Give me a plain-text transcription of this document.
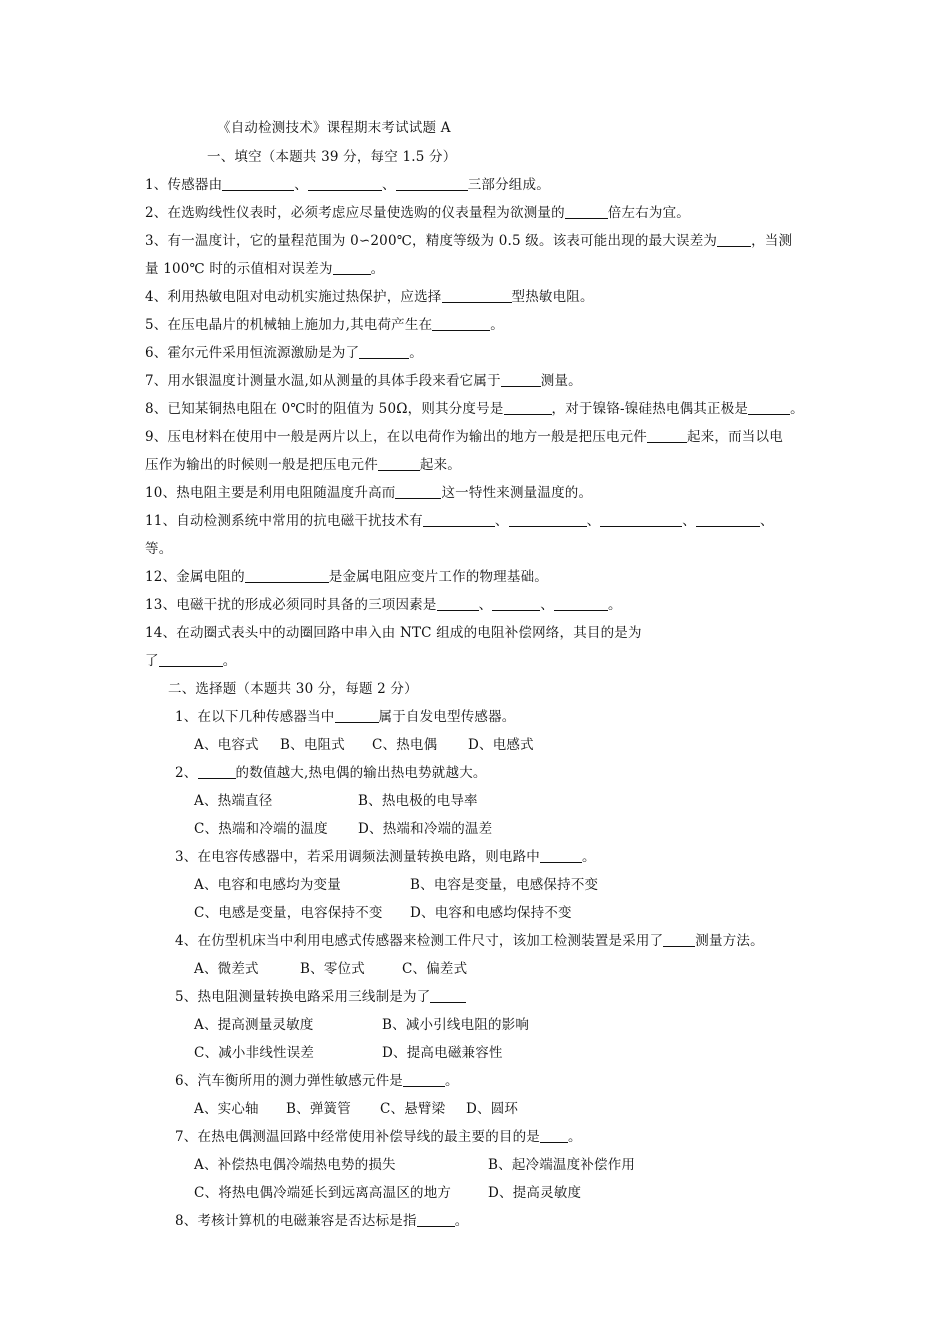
《自动检测技术》课程期末考试试题 A
一、填空（本题共 39 分，每空 1.5 分）
1、传感器由	、	、	三部分组成。
2、在选购线性仪表时，必须考虑应尽量使选购的仪表量程为欲测量的	倍左右为宜。
3、有一温度计，它的量程范围为 0∽200℃，精度等级为 0.5 级。该表可能出现的最大误差为	，当测
量 100℃ 时的示值相对误差为	。
4、利用热敏电阻对电动机实施过热保护，应选择	型热敏电阻。
5、在压电晶片的机械轴上施加力,其电荷产生在	。
6、霍尔元件采用恒流源激励是为了	。
7、用水银温度计测量水温,如从测量的具体手段来看它属于	测量。
8、已知某铜热电阻在 0℃时的阻值为 50Ω，则其分度号是	，对于镍铬-镍硅热电偶其正极是	。
9、压电材料在使用中一般是两片以上，在以电荷作为输出的地方一般是把压电元件	起来，而当以电
压作为输出的时候则一般是把压电元件	起来。
10、热电阻主要是利用电阻随温度升高而	这一特性来测量温度的。
11、自动检测系统中常用的抗电磁干扰技术有	、	、	、	、
等。
12、金属电阻的	是金属电阻应变片工作的物理基础。
13、电磁干扰的形成必须同时具备的三项因素是	、	、	。
14、在动圈式表头中的动圈回路中串入由 NTC 组成的电阻补偿网络，其目的是为
了	。
二、选择题（本题共 30 分，每题 2 分）
1、在以下几种传感器当中	属于自发电型传感器。
A、电容式 B、电阻式 C、热电偶 D、电感式
2、	的数值越大,热电偶的输出热电势就越大。
A、热端直径	B、热电极的电导率
C、热端和冷端的温度 D、热端和冷端的温差
3、在电容传感器中，若采用调频法测量转换电路，则电路中	。
A、电容和电感均为变量	B、电容是变量，电感保持不变
C、电感是变量，电容保持不变 D、电容和电感均保持不变
4、在仿型机床当中利用电感式传感器来检测工件尺寸，该加工检测装置是采用了 测量方法。
A、微差式	B、零位式	C、偏差式
5、热电阻测量转换电路采用三线制是为了
A、提高测量灵敏度	B、减小引线电阻的影响
C、减小非线性误差	D、提高电磁兼容性
6、汽车衡所用的测力弹性敏感元件是	。
A、实心轴 B、弹簧管 C、悬臂梁 D、圆环
7、在热电偶测温回路中经常使用补偿导线的最主要的目的是 。
A、补偿热电偶冷端热电势的损失	B、起冷端温度补偿作用
C、将热电偶冷端延长到远离高温区的地方	D、提高灵敏度
8、考核计算机的电磁兼容是否达标是指	。
